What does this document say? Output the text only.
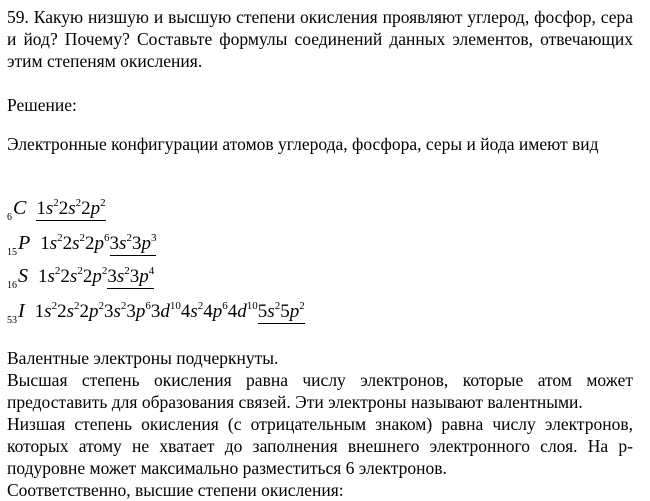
59. Какую низшую и высшую степени окисления проявляют углерод, фосфор, сера и йод? Почему? Составьте формулы соединений данных элементов, отвечающих этим степеням окисления.
Решение:
Электронные конфигурации атомов углерода, фосфора, серы и йода имеют вид
6C $1s^22s^22p^2$
15P $1s^22s^22p^63s^23p^3$
16S $1s^22s^22p^23s^23p^4$
53I $1s^22s^22p^23s^23p^63d^{10}4s^24p^64d^{10}5s^25p^2$
Валентные электроны подчеркнуты.
Высшая степень окисления равна числу электронов, которые атом может предоставить для образования связей. Эти электроны называют валентными.
Низшая степень окисления (с отрицательным знаком) равна числу электронов, которых атому не хватает до заполнения внешнего электронного слоя. На р-подуровне может максимально разместиться 6 электронов.
Соответственно, высшие степени окисления:
